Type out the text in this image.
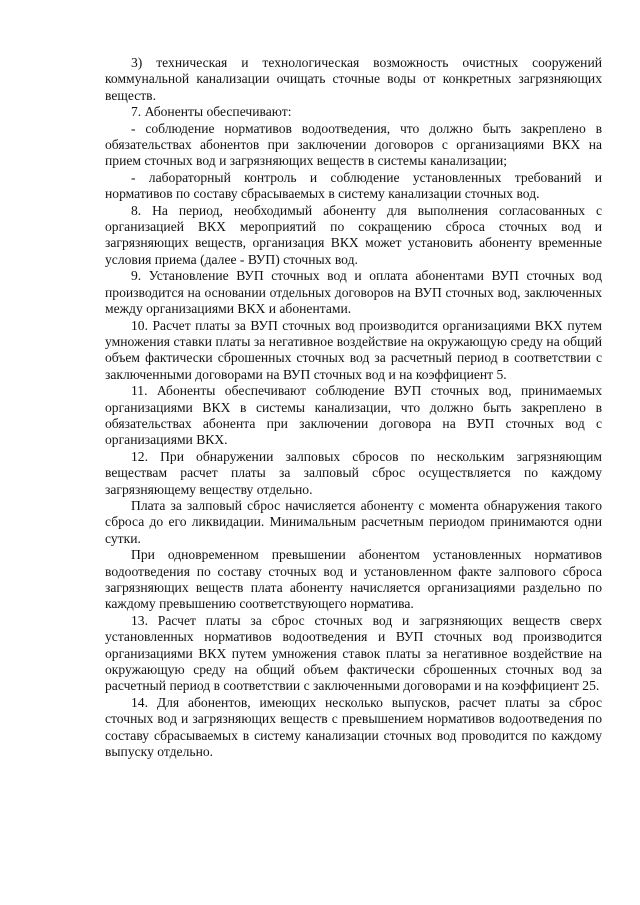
3) техническая и технологическая возможность очистных сооружений коммунальной канализации очищать сточные воды от конкретных загрязняющих веществ.

7. Абоненты обеспечивают:

- соблюдение нормативов водоотведения, что должно быть закреплено в обязательствах абонентов при заключении договоров с организациями ВКХ на прием сточных вод и загрязняющих веществ в системы канализации;

- лабораторный контроль и соблюдение установленных требований и нормативов по составу сбрасываемых в систему канализации сточных вод.

8. На период, необходимый абоненту для выполнения согласованных с организацией ВКХ мероприятий по сокращению сброса сточных вод и загрязняющих веществ, организация ВКХ может установить абоненту временные условия приема (далее - ВУП) сточных вод.

9. Установление ВУП сточных вод и оплата абонентами ВУП сточных вод производится на основании отдельных договоров на ВУП сточных вод, заключенных между организациями ВКХ и абонентами.

10. Расчет платы за ВУП сточных вод производится организациями ВКХ путем умножения ставки платы за негативное воздействие на окружающую среду на общий объем фактически сброшенных сточных вод за расчетный период в соответствии с заключенными договорами на ВУП сточных вод и на коэффициент 5.

11. Абоненты обеспечивают соблюдение ВУП сточных вод, принимаемых организациями ВКХ в системы канализации, что должно быть закреплено в обязательствах абонента при заключении договора на ВУП сточных вод с организациями ВКХ.

12. При обнаружении залповых сбросов по нескольким загрязняющим веществам расчет платы за залповый сброс осуществляется по каждому загрязняющему веществу отдельно.

Плата за залповый сброс начисляется абоненту с момента обнаружения такого сброса до его ликвидации. Минимальным расчетным периодом принимаются одни сутки.

При одновременном превышении абонентом установленных нормативов водоотведения по составу сточных вод и установленном факте залпового сброса загрязняющих веществ плата абоненту начисляется организациями раздельно по каждому превышению соответствующего норматива.

13. Расчет платы за сброс сточных вод и загрязняющих веществ сверх установленных нормативов водоотведения и ВУП сточных вод производится организациями ВКХ путем умножения ставок платы за негативное воздействие на окружающую среду на общий объем фактически сброшенных сточных вод за расчетный период в соответствии с заключенными договорами и на коэффициент 25.

14. Для абонентов, имеющих несколько выпусков, расчет платы за сброс сточных вод и загрязняющих веществ с превышением нормативов водоотведения по составу сбрасываемых в систему канализации сточных вод проводится по каждому выпуску отдельно.
